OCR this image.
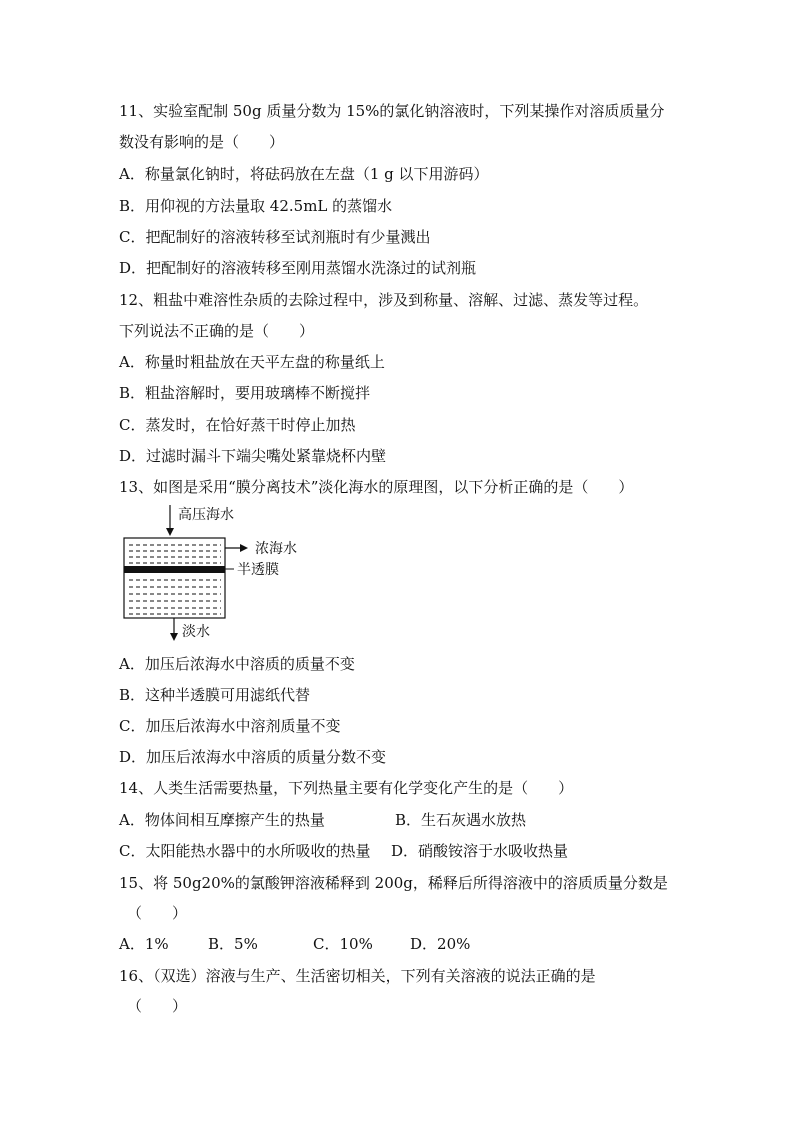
11、实验室配制 50g 质量分数为 15%的氯化钠溶液时，下列某操作对溶质质量分
数没有影响的是（　　）
A．称量氯化钠时，将砝码放在左盘（1 g 以下用游码）
B．用仰视的方法量取 42.5mL 的蒸馏水
C．把配制好的溶液转移至试剂瓶时有少量溅出
D．把配制好的溶液转移至刚用蒸馏水洗涤过的试剂瓶
12、粗盐中难溶性杂质的去除过程中，涉及到称量、溶解、过滤、蒸发等过程。
下列说法不正确的是（　　）
A．称量时粗盐放在天平左盘的称量纸上
B．粗盐溶解时，要用玻璃棒不断搅拌
C．蒸发时，在恰好蒸干时停止加热
D．过滤时漏斗下端尖嘴处紧靠烧杯内壁
13、如图是采用“膜分离技术”淡化海水的原理图，以下分析正确的是（　　）
高压海水
浓海水
半透膜
淡水
A．加压后浓海水中溶质的质量不变
B．这种半透膜可用滤纸代替
C．加压后浓海水中溶剂质量不变
D．加压后浓海水中溶质的质量分数不变
14、人类生活需要热量，下列热量主要有化学变化产生的是（　　）
A．物体间相互摩擦产生的热量	B．生石灰遇水放热
C．太阳能热水器中的水所吸收的热量 D．硝酸铵溶于水吸收热量
15、将 50g20%的氯酸钾溶液稀释到 200g，稀释后所得溶液中的溶质质量分数是
（　　）
A．1%	B．5%	C．10% D．20%
16、（双选）溶液与生产、生活密切相关，下列有关溶液的说法正确的是
（　　）
